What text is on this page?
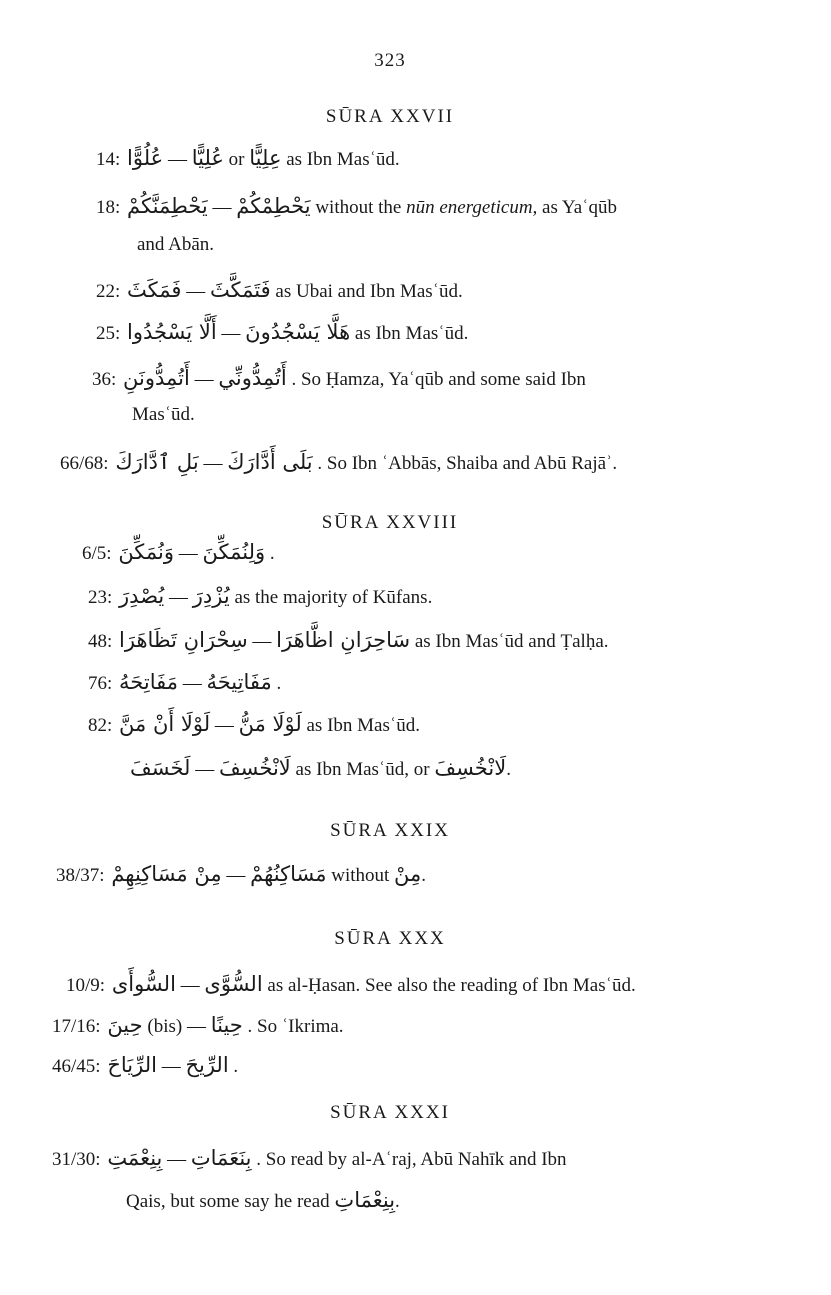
323
SŪRA XXVII
14: عُلُوًّا — عُلِيًّا or عِلِيًّا as Ibn Masʿūd.
18: يَحْطِمَنَّكُمْ — يَحْطِمْكُمْ without the nūn energeticum, as Yaʿqūb
and Abān.
22: فَمَكَثَ — فَتَمَكَّثَ as Ubai and Ibn Masʿūd.
25: أَلَّا يَسْجُدُوا — هَلَّا يَسْجُدُونَ as Ibn Masʿūd.
36: أَتُمِدُّونَنِ — أَتُمِدُّونِّي . So Ḥamza, Yaʿqūb and some said Ibn
Masʿūd.
66/68: بَلِ ٱدَّارَكَ — بَلَى أَدَّارَكَ . So Ibn ʿAbbās, Shaiba and Abū Rajāʾ.
SŪRA XXVIII
6/5: وَنُمَكِّنَ — وَلِنُمَكِّنَ .
23: يُصْدِرَ — يُزْدِرَ as the majority of Kūfans.
48: سِحْرَانِ تَظَاهَرَا — سَاحِرَانِ اظَّاهَرَا as Ibn Masʿūd and Ṭalḥa.
76: مَفَاتِحَهُ — مَفَاتِيحَهُ .
82: لَوْلَا أَنْ مَنَّ — لَوْلَا مَنُّ as Ibn Masʿūd.
لَخَسَفَ — لَانْخُسِفَ as Ibn Masʿūd, or لَانْخُسِفَ.
SŪRA XXIX
38/37: مِنْ مَسَاكِنِهِمْ — مَسَاكِنُهُمْ without مِنْ.
SŪRA XXX
10/9: السُّوأَى — السُّوَّى as al-Ḥasan. See also the reading of Ibn Masʿūd.
17/16: حِينَ (bis) — حِينًا . So ʿIkrima.
46/45: الرِّيَاحَ — الرِّيحَ .
SŪRA XXXI
31/30: بِنِعْمَتِ — بِنَعَمَاتِ . So read by al-Aʿraj, Abū Nahīk and Ibn
Qais, but some say he read بِنِعْمَاتِ.
